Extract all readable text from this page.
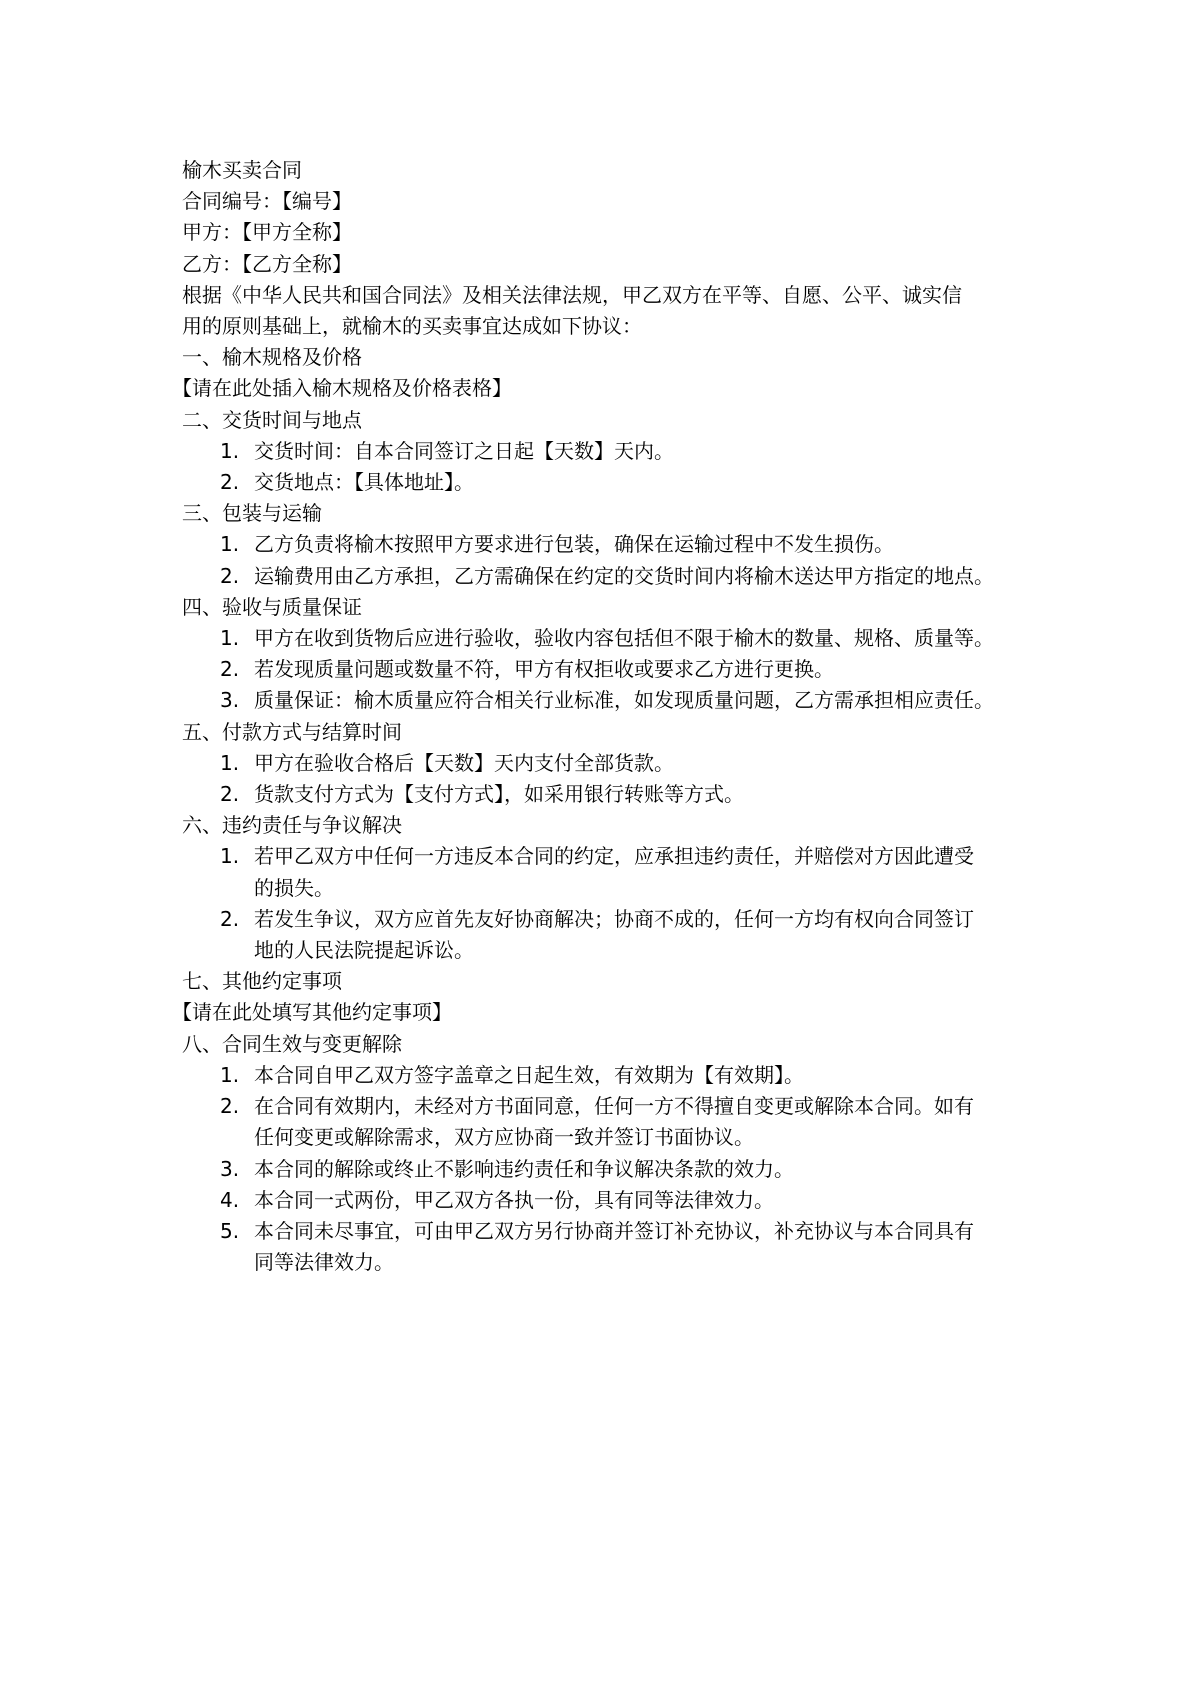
榆木买卖合同

合同编号：【编号】

甲方：【甲方全称】

乙方：【乙方全称】

根据《中华人民共和国合同法》及相关法律法规，甲乙双方在平等、自愿、公平、诚实信

用的原则基础上，就榆木的买卖事宜达成如下协议：

一、榆木规格及价格

【请在此处插入榆木规格及价格表格】

二、交货时间与地点

1. 交货时间：自本合同签订之日起【天数】天内。
2. 交货地点：【具体地址】。

三、包装与运输

1. 乙方负责将榆木按照甲方要求进行包装，确保在运输过程中不发生损伤。
2. 运输费用由乙方承担，乙方需确保在约定的交货时间内将榆木送达甲方指定的地点。

四、验收与质量保证

1. 甲方在收到货物后应进行验收，验收内容包括但不限于榆木的数量、规格、质量等。
2. 若发现质量问题或数量不符，甲方有权拒收或要求乙方进行更换。
3. 质量保证：榆木质量应符合相关行业标准，如发现质量问题，乙方需承担相应责任。

五、付款方式与结算时间

1. 甲方在验收合格后【天数】天内支付全部货款。
2. 货款支付方式为【支付方式】，如采用银行转账等方式。

六、违约责任与争议解决

1. 若甲乙双方中任何一方违反本合同的约定，应承担违约责任，并赔偿对方因此遭受
的损失。
2. 若发生争议，双方应首先友好协商解决；协商不成的，任何一方均有权向合同签订
地的人民法院提起诉讼。

七、其他约定事项

【请在此处填写其他约定事项】

八、合同生效与变更解除

1. 本合同自甲乙双方签字盖章之日起生效，有效期为【有效期】。
2. 在合同有效期内，未经对方书面同意，任何一方不得擅自变更或解除本合同。如有
任何变更或解除需求，双方应协商一致并签订书面协议。
3. 本合同的解除或终止不影响违约责任和争议解决条款的效力。
4. 本合同一式两份，甲乙双方各执一份，具有同等法律效力。
5. 本合同未尽事宜，可由甲乙双方另行协商并签订补充协议，补充协议与本合同具有
同等法律效力。
